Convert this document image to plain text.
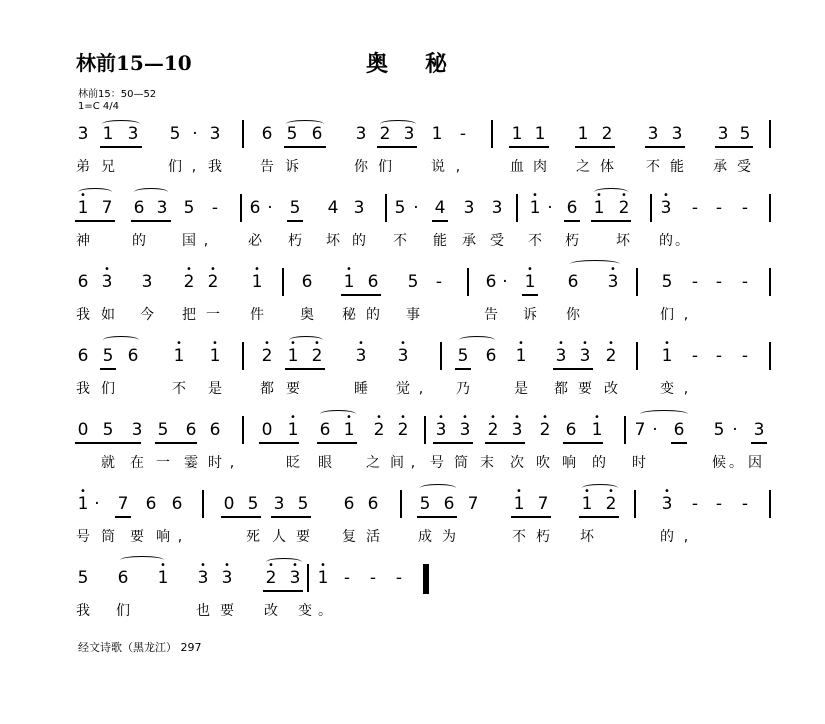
林前15—10	奥 秘
林前15：50—52
1=C 4/4
3 1 3 5 · 3 6 5 6 3 2 3 1 -	1 1 1 2 3 3 3 5
弟 兄	们 , 我	告 诉	你 们	说 ,	血 肉 之 体 不 能 承 受
•
1 7 6 3 5 - 6 · 5 4 3 5 · 4 3 3
•
1 · 6
•
1
•
2
•
3 - - -
神	的	国 ,	必 朽 坏 的 不 能 承 受 不 朽	坏 的 。
6
•
3 3
•
2
•
2
•
1 6
•
1 6 5 -	6 ·
•
1 6
•
3	5 - - -
我 如 今 把 一 件	奥 秘 的 事	告 诉 你	们 ,
6 5 6
•
1
•
1
•
2
•
1
•
2
•
3
•
3	5 6
•
1
•
3
•
3
•
2
•
1 - - -
我 们	不 是	都 要	睡 觉 ,	乃	是 都 要 改	变 ,
0 5 3 5 6 6 0
•
1 6
•
1
•
2
•
2
•
3
•
3
•
2
•
3
•
2 6
•
1 7 · 6 5 · 3
就 在 一 霎 时 ,	眨 眼 之 间 ,	号 筒 末 次 吹 响 的 时	候 。 因
•
1 · 7 6 6 0 5 3 5 6 6 5 6 7
•
1 7
•
1
•
2
•
3 - - -
号 筒 要 响 ,	死 人 要 复 活	成 为	不 朽 坏	的 ,
5 6
•
1
•
3
•
3
•
2
•
3
•
1 - - -
我 们	也 要 改 变 。
经文诗歌（黑龙江） 297
